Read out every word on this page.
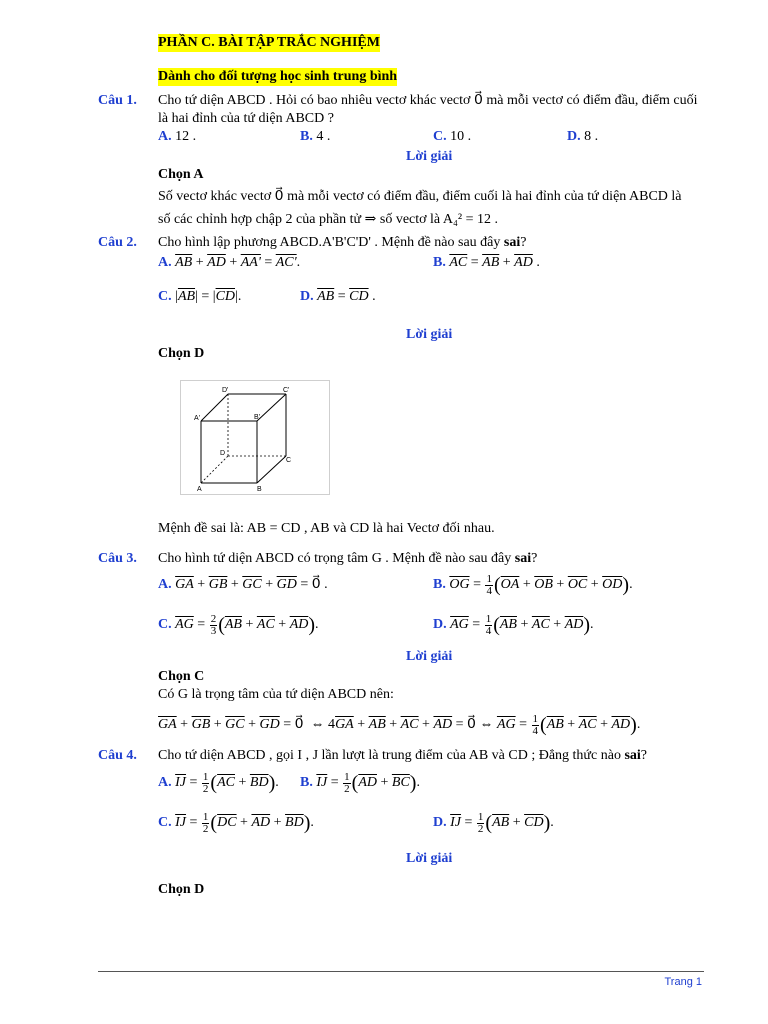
PHẦN C. BÀI TẬP TRẮC NGHIỆM
Dành cho đối tượng học sinh trung bình
Câu 1. Cho tứ diện ABCD . Hỏi có bao nhiêu vectơ khác vectơ 0⃗ mà mỗi vectơ có điểm đầu, điểm cuối
là hai đỉnh của tứ diện ABCD ?
A. 12 .	B. 4 .	C. 10 .	D. 8 .
Lời giải
Chọn A
Số vectơ khác vectơ 0⃗ mà mỗi vectơ có điểm đầu, điểm cuối là hai đỉnh của tứ diện ABCD là
số các chỉnh hợp chập 2 của phần tử ⇒ số vectơ là A₄² = 12 .
Câu 2. Cho hình lập phương ABCD.A'B'C'D' . Mệnh đề nào sau đây sai?
A. $\overline{AB} + \overline{AD} + AA' = AC'$.	B. $\overline{AC} = \overline{AB} + \overline{AD}$ .
C. $|\overline{AB}| = |\overline{CD}|$.	D. $\overline{AB} = \overline{CD}$ .
Lời giải
Chọn D
D'	C'
A'	B'
D
C
A	B
Mệnh đề sai là: AB = CD , AB và CD là hai Vectơ đối nhau.
Câu 3. Cho hình tứ diện ABCD có trọng tâm G . Mệnh đề nào sau đây sai?
A. $\overline{GA} + \overline{GB} + \overline{GC} + \overline{GD}$ = 0⃗ .	B. $\overline{OG} = \frac{1}{4} (\overline{OA} + \overline{OB} + \overline{OC} + \overline{OD})$.
C. $\overline{AG} = \frac{2}{3} (\overline{AB} + \overline{AC} + \overline{AD})$.	D. $\overline{AG} = \frac{1}{4} (\overline{AB} + \overline{AC} + \overline{AD})$.
Lời giải
Chọn C
Có G là trọng tâm của tứ diện ABCD nên:
$\overline{GA} + \overline{GB} + \overline{GC} + \overline{GD}$ = 0⃗  ⇔ $4\overline{GA} + \overline{AB} + \overline{AC} + \overline{AD}$ = 0⃗ ⇔ $\overline{AG} = \frac{1}{4} (\overline{AB} + \overline{AC} + \overline{AD})$.
Câu 4. Cho tứ diện ABCD , gọi I , J lần lượt là trung điểm của AB và CD ; Đẳng thức nào sai?
A. $\overline{IJ} = \frac{1}{2} (\overline{AC} + \overline{BD})$. B. $\overline{IJ} = \frac{1}{2} (\overline{AD} + \overline{BC})$.
C. $\overline{IJ} = \frac{1}{2} (\overline{DC} + \overline{AD} + \overline{BD})$.	D. $\overline{IJ} = \frac{1}{2} (\overline{AB} + \overline{CD})$.
Lời giải
Chọn D
Trang 1
